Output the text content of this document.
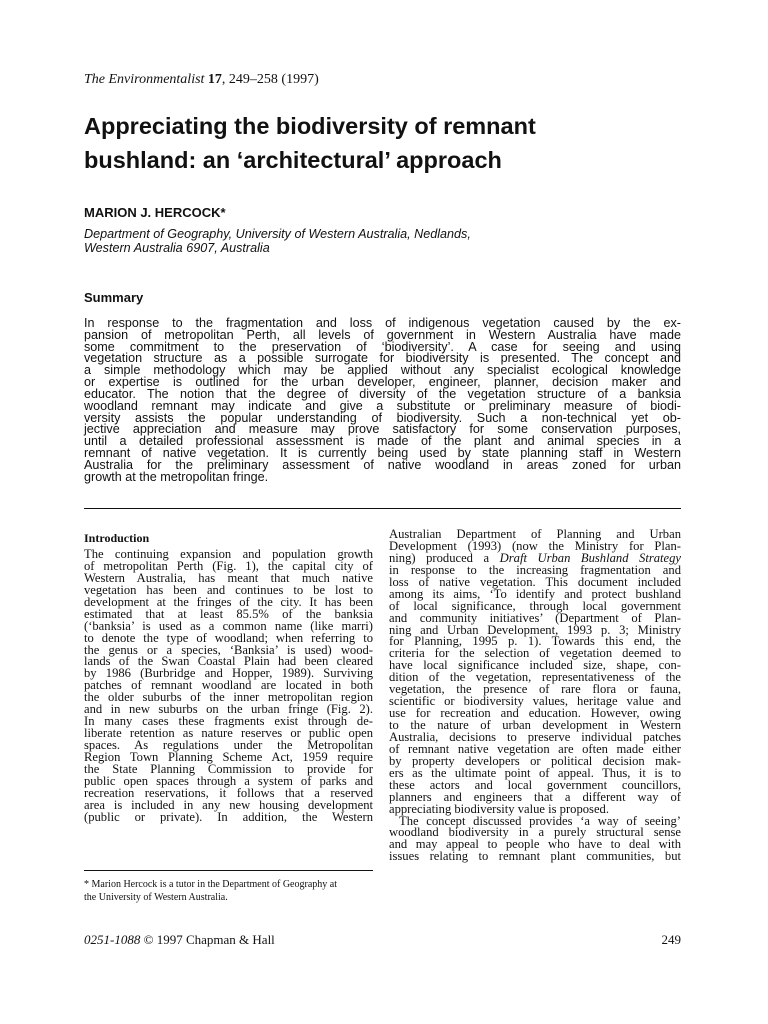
The Environmentalist 17, 249–258 (1997)
Appreciating the biodiversity of remnant
bushland: an ‘architectural’ approach
MARION J. HERCOCK*
Department of Geography, University of Western Australia, Nedlands,
Western Australia 6907, Australia
Summary
In response to the fragmentation and loss of indigenous vegetation caused by the ex-
pansion of metropolitan Perth, all levels of government in Western Australia have made
some commitment to the preservation of ‘biodiversity’. A case for seeing and using
vegetation structure as a possible surrogate for biodiversity is presented. The concept and
a simple methodology which may be applied without any specialist ecological knowledge
or expertise is outlined for the urban developer, engineer, planner, decision maker and
educator. The notion that the degree of diversity of the vegetation structure of a banksia
woodland remnant may indicate and give a substitute or preliminary measure of biodi-
versity assists the popular understanding of biodiversity. Such a non-technical yet ob-
jective appreciation and measure may prove satisfactory for some conservation purposes,
until a detailed professional assessment is made of the plant and animal species in a
remnant of native vegetation. It is currently being used by state planning staff in Western
Australia for the preliminary assessment of native woodland in areas zoned for urban
growth at the metropolitan fringe.
Introduction
The continuing expansion and population growth
of metropolitan Perth (Fig. 1), the capital city of
Western Australia, has meant that much native
vegetation has been and continues to be lost to
development at the fringes of the city. It has been
estimated that at least 85.5% of the banksia
(‘banksia’ is used as a common name (like marri)
to denote the type of woodland; when referring to
the genus or a species, ‘Banksia’ is used) wood-
lands of the Swan Coastal Plain had been cleared
by 1986 (Burbridge and Hopper, 1989). Surviving
patches of remnant woodland are located in both
the older suburbs of the inner metropolitan region
and in new suburbs on the urban fringe (Fig. 2).
In many cases these fragments exist through de-
liberate retention as nature reserves or public open
spaces. As regulations under the Metropolitan
Region Town Planning Scheme Act, 1959 require
the State Planning Commission to provide for
public open spaces through a system of parks and
recreation reservations, it follows that a reserved
area is included in any new housing development
(public or private). In addition, the Western
Australian Department of Planning and Urban
Development (1993) (now the Ministry for Plan-
ning) produced a Draft Urban Bushland Strategy
in response to the increasing fragmentation and
loss of native vegetation. This document included
among its aims, ‘To identify and protect bushland
of local significance, through local government
and community initiatives’ (Department of Plan-
ning and Urban Development, 1993 p. 3; Ministry
for Planning, 1995 p. 1). Towards this end, the
criteria for the selection of vegetation deemed to
have local significance included size, shape, con-
dition of the vegetation, representativeness of the
vegetation, the presence of rare flora or fauna,
scientific or biodiversity values, heritage value and
use for recreation and education. However, owing
to the nature of urban development in Western
Australia, decisions to preserve individual patches
of remnant native vegetation are often made either
by property developers or political decision mak-
ers as the ultimate point of appeal. Thus, it is to
these actors and local government councillors,
planners and engineers that a different way of
appreciating biodiversity value is proposed.
The concept discussed provides ‘a way of seeing’
woodland biodiversity in a purely structural sense
and may appeal to people who have to deal with
issues relating to remnant plant communities, but
* Marion Hercock is a tutor in the Department of Geography at
the University of Western Australia.
0251-1088 © 1997 Chapman & Hall	249
